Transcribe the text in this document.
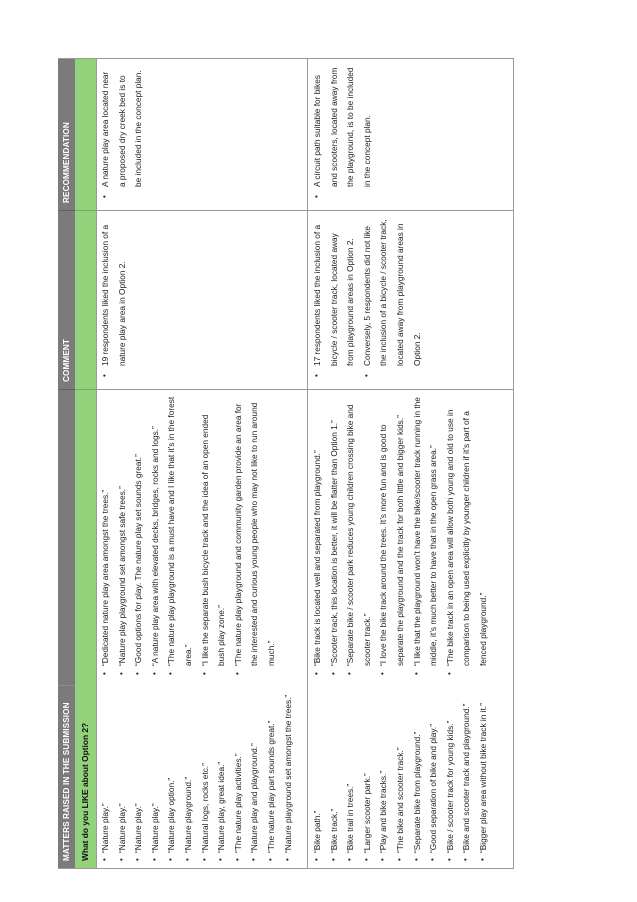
MATTERS RAISED IN THE SUBMISSION
COMMENT
RECOMMENDATION
What do you LIKE about Option 2?	•
“Nature play.”
•
“Nature play.”
•
“Nature play.”
•
“Nature play.”
•
“Nature play option.”
•
“Nature playground.”
•
“Natural logs, rocks etc.”
•
“Nature play, great idea.”
•
“The nature play activities.”
•
“Nature play and playground.”
•
“The nature play part sounds great.”
•
“Nature playground set amongst the trees.”
•
“Dedicated nature play area amongst the trees.”
•
“Nature play playground set amongst safe trees.”
•
“Good options for play. The nature play set sounds great.”
•
“A nature play area with elevated decks, bridges, rocks and logs.”
•
“The nature play playground is a must have and I like that it’s in the forest area.”
•
“I like the separate bush bicycle track and the idea of an open ended bush play zone.”
•
“The nature play playground and community garden provide an area for the interested and curious young people who may not like to run around much.”
•
19 respondents liked the inclusion of a nature play area in Option 2.
•
A nature play area located near a proposed dry creek bed is to be included in the concept plan.
•
“Bike path.”
•
“Bike track.”
•
“Bike trail in trees.”
•
“Larger scooter park.”
•
“Play and bike tracks.”
•
“The bike and scooter track.”
•
“Separate bike from playground.”
•
“Good separation of bike and play.”
•
“Bike / scooter track for young kids.”
•
“Bike and scooter track and playground.”
•
“Bigger play area without bike track in it.”
•
“Bike track is located well and separated from playground.”
•
“Scooter track, this location is better, it will be flatter than Option 1.”
•
“Separate bike / scooter park reduces young children crossing bike and scooter track.”
•
“I love the bike track around the trees. It’s more fun and is good to separate the playground and the track for both little and bigger kids.”
•
“I like that the playground won’t have the bike/scooter track running in the middle, it’s much better to have that in the open grass area.”
•
“The bike track in an open area will allow both young and old to use in comparison to being used explicitly by younger children if it’s part of a fenced playground.”
•
17 respondents liked the inclusion of a bicycle / scooter track, located away from playground areas in Option 2.
•
Conversely, 5 respondents did not like the inclusion of a bicycle / scooter track, located away from playground areas in Option 2.
•
A circuit path suitable for bikes and scooters, located away from the playground, is to be included in the concept plan.
